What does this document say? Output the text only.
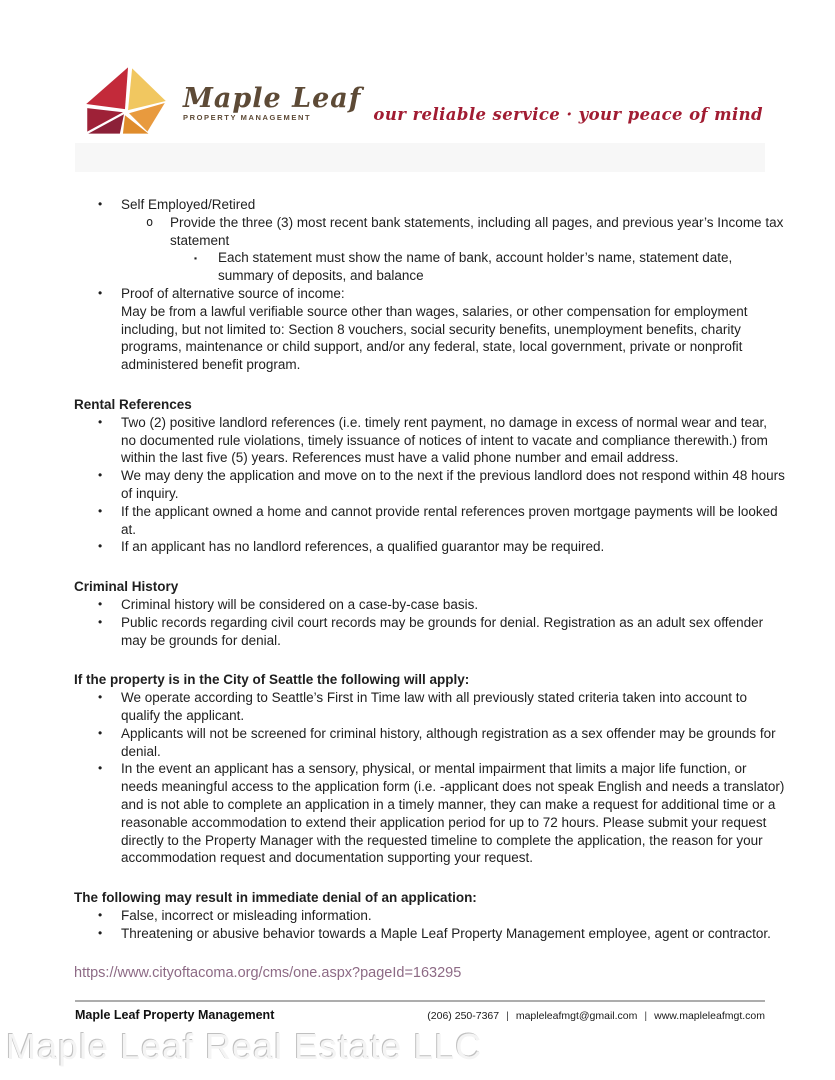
Maple Leaf
PROPERTY MANAGEMENT	our reliable service · your peace of mind
•	Self Employed/Retired
o	Provide the three (3) most recent bank statements, including all pages, and previous year’s Income tax statement
▪	Each statement must show the name of bank, account holder’s name, statement date, summary of deposits, and balance
•	Proof of alternative source of income:
May be from a lawful verifiable source other than wages, salaries, or other compensation for employment including, but not limited to: Section 8 vouchers, social security benefits, unemployment benefits, charity programs, maintenance or child support, and/or any federal, state, local government, private or nonprofit administered benefit program.
Rental References
•	Two (2) positive landlord references (i.e. timely rent payment, no damage in excess of normal wear and tear, no documented rule violations, timely issuance of notices of intent to vacate and compliance therewith.) from within the last five (5) years. References must have a valid phone number and email address.
•	We may deny the application and move on to the next if the previous landlord does not respond within 48 hours of inquiry.
•	If the applicant owned a home and cannot provide rental references proven mortgage payments will be looked at.
•	If an applicant has no landlord references, a qualified guarantor may be required.
Criminal History
•	Criminal history will be considered on a case-by-case basis.
•	Public records regarding civil court records may be grounds for denial. Registration as an adult sex offender may be grounds for denial.
If the property is in the City of Seattle the following will apply:
•	We operate according to Seattle’s First in Time law with all previously stated criteria taken into account to qualify the applicant.
•	Applicants will not be screened for criminal history, although registration as a sex offender may be grounds for denial.
•	In the event an applicant has a sensory, physical, or mental impairment that limits a major life function, or needs meaningful access to the application form (i.e. -applicant does not speak English and needs a translator) and is not able to complete an application in a timely manner, they can make a request for additional time or a reasonable accommodation to extend their application period for up to 72 hours. Please submit your request directly to the Property Manager with the requested timeline to complete the application, the reason for your accommodation request and documentation supporting your request.
The following may result in immediate denial of an application:
•	False, incorrect or misleading information.
•	Threatening or abusive behavior towards a Maple Leaf Property Management employee, agent or contractor.
https://www.cityoftacoma.org/cms/one.aspx?pageId=163295
Maple Leaf Property Management	(206) 250-7367 | mapleleafmgt@gmail.com | www.mapleleafmgt.com
Maple Leaf Real Estate LLC
